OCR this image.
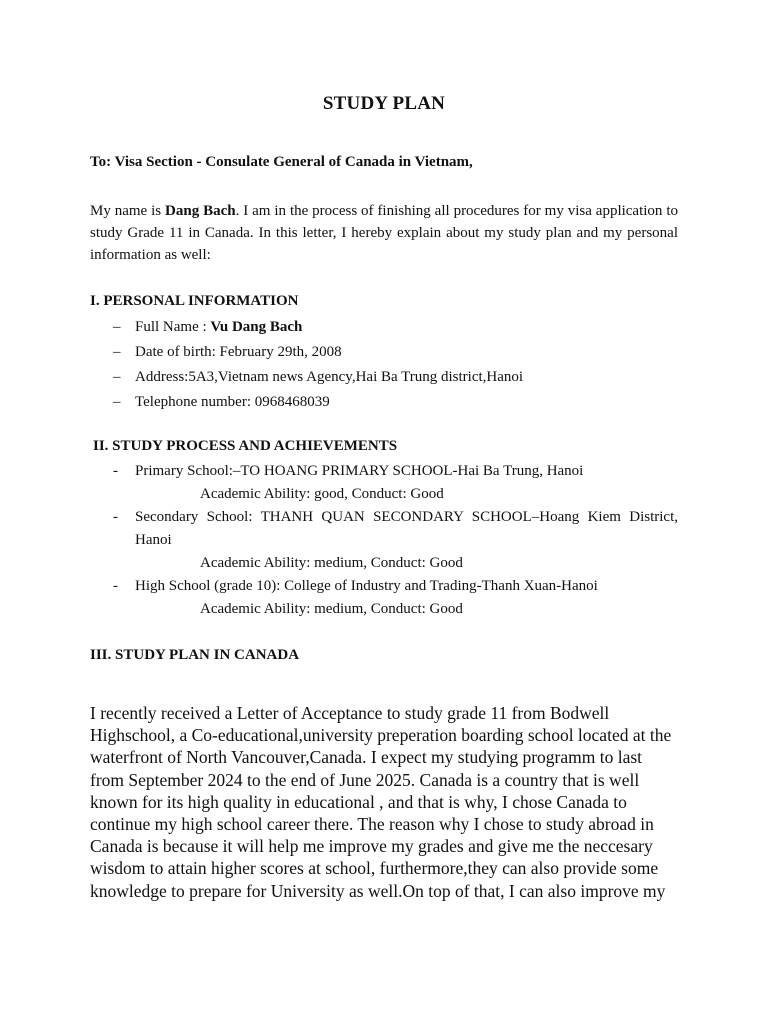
STUDY PLAN
To: Visa Section - Consulate General of Canada in Vietnam,
My name is Dang Bach. I am in the process of finishing all procedures for my visa application to study Grade 11 in Canada. In this letter, I hereby explain about my study plan and my personal information as well:
I. PERSONAL INFORMATION
– Full Name : Vu Dang Bach
– Date of birth: February 29th, 2008
– Address:5A3,Vietnam news Agency,Hai Ba Trung district,Hanoi
– Telephone number: 0968468039
II. STUDY PROCESS AND ACHIEVEMENTS
- Primary School:–TO HOANG PRIMARY SCHOOL-Hai Ba Trung, Hanoi
Academic Ability: good, Conduct: Good
- Secondary School: THANH QUAN SECONDARY SCHOOL–Hoang Kiem District, Hanoi
Academic Ability: medium, Conduct: Good
- High School (grade 10): College of Industry and Trading-Thanh Xuan-Hanoi
Academic Ability: medium, Conduct: Good
III. STUDY PLAN IN CANADA
I recently received a Letter of Acceptance to study grade 11 from Bodwell Highschool, a Co-educational,university preperation boarding school located at the waterfront of North Vancouver,Canada. I expect my studying programm to last from September 2024 to the end of June 2025. Canada is a country that is well known for its high quality in educational , and that is why, I chose Canada to continue my high school career there. The reason why I chose to study abroad in Canada is because it will help me improve my grades and give me the neccesary wisdom to attain higher scores at school, furthermore,they can also provide some knowledge to prepare for University as well.On top of that, I can also improve my
